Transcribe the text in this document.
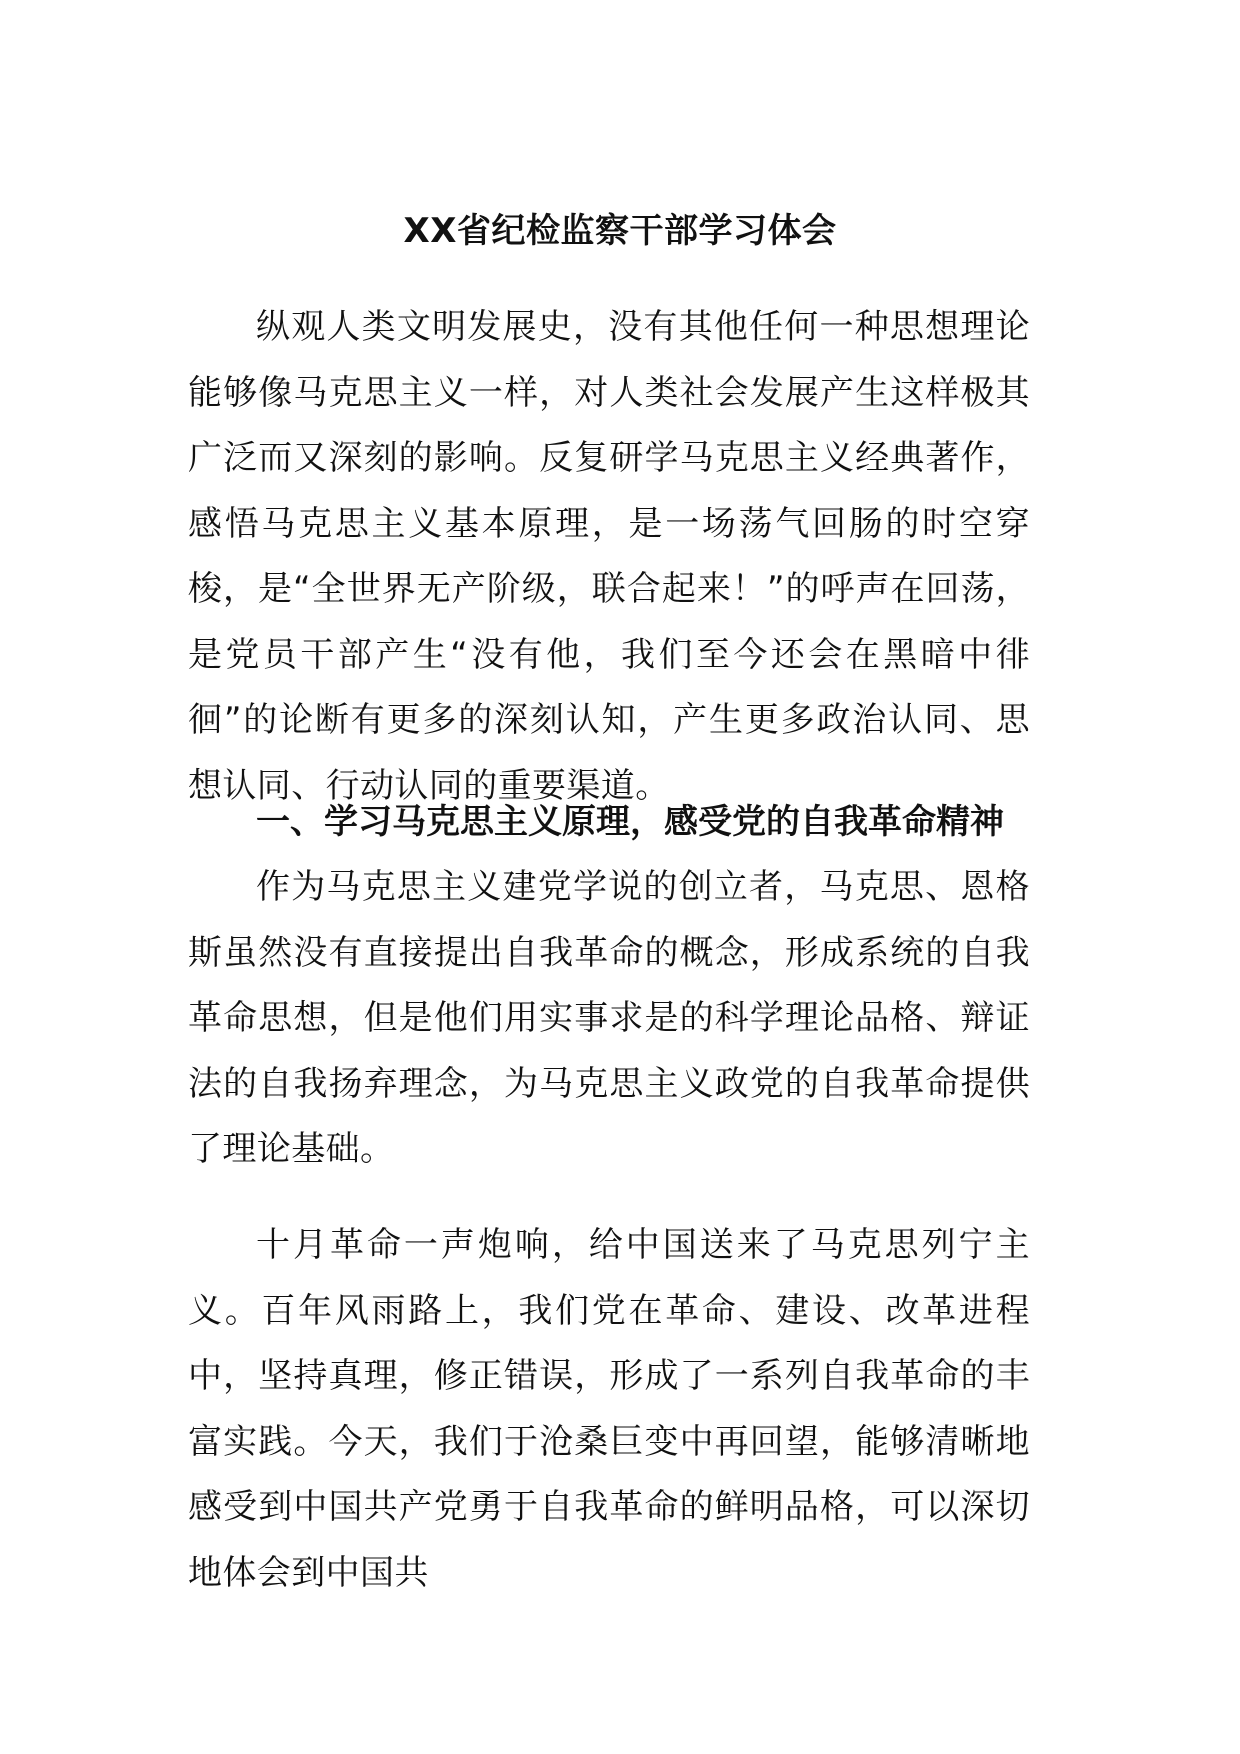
XX省纪检监察干部学习体会

纵观人类文明发展史，没有其他任何一种思想理论能够像马克思主义一样，对人类社会发展产生这样极其广泛而又深刻的影响。反复研学马克思主义经典著作，感悟马克思主义基本原理，是一场荡气回肠的时空穿梭，是“全世界无产阶级，联合起来！”的呼声在回荡，是党员干部产生“没有他，我们至今还会在黑暗中徘徊”的论断有更多的深刻认知，产生更多政治认同、思想认同、行动认同的重要渠道。

一、学习马克思主义原理，感受党的自我革命精神

作为马克思主义建党学说的创立者，马克思、恩格斯虽然没有直接提出自我革命的概念，形成系统的自我革命思想，但是他们用实事求是的科学理论品格、辩证法的自我扬弃理念，为马克思主义政党的自我革命提供了理论基础。

十月革命一声炮响，给中国送来了马克思列宁主义。百年风雨路上，我们党在革命、建设、改革进程中，坚持真理，修正错误，形成了一系列自我革命的丰富实践。今天，我们于沧桑巨变中再回望，能够清晰地感受到中国共产党勇于自我革命的鲜明品格，可以深切地体会到中国共
